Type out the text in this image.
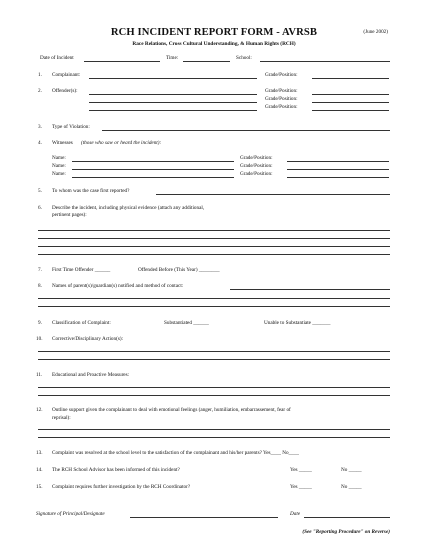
RCH INCIDENT REPORT FORM - AVRSB	(June 2002)
Race Relations, Cross Cultural Understanding, & Human Rights (RCH)
Date of Incident	Time:	School:
1. Complainant:	Grade/Position:
2. Offender(s):	Grade/Position:
Grade/Position:
Grade/Position:
3. Type of Violation:
4. Witnesses (those who saw or heard the incident):
Name:	Grade/Position:
Name:	Grade/Position:
Name:	Grade/Position:
5. To whom was the case first reported?
6. Describe the incident, including physical evidence (attach any additional,
pertinent pages):
7. First Time Offender ______	Offended Before (This Year) ________
8. Names of parent(s)/guardian(s) notified and method of contact:
9. Classification of Complaint:	Substantiated ______	Unable to Substantiate _______
10. Corrective/Disciplinary Action(s):
11. Educational and Proactive Measures:
12. Outline support given the complainant to deal with emotional feelings (anger, humiliation, embarrassement, fear of
reprisal):
13. Complaint was resolved at the school level to the satisfaction of the complainant and his/her parents? Yes____ No____
14. The RCH School Advisor has been informed of this incident?	Yes _____	No _____
15. Complaint requires further investigation by the RCH Coordinator?	Yes _____	No _____
Signature of Principal/Designate	Date
(See "Reporting Procedure" on Reverse)
